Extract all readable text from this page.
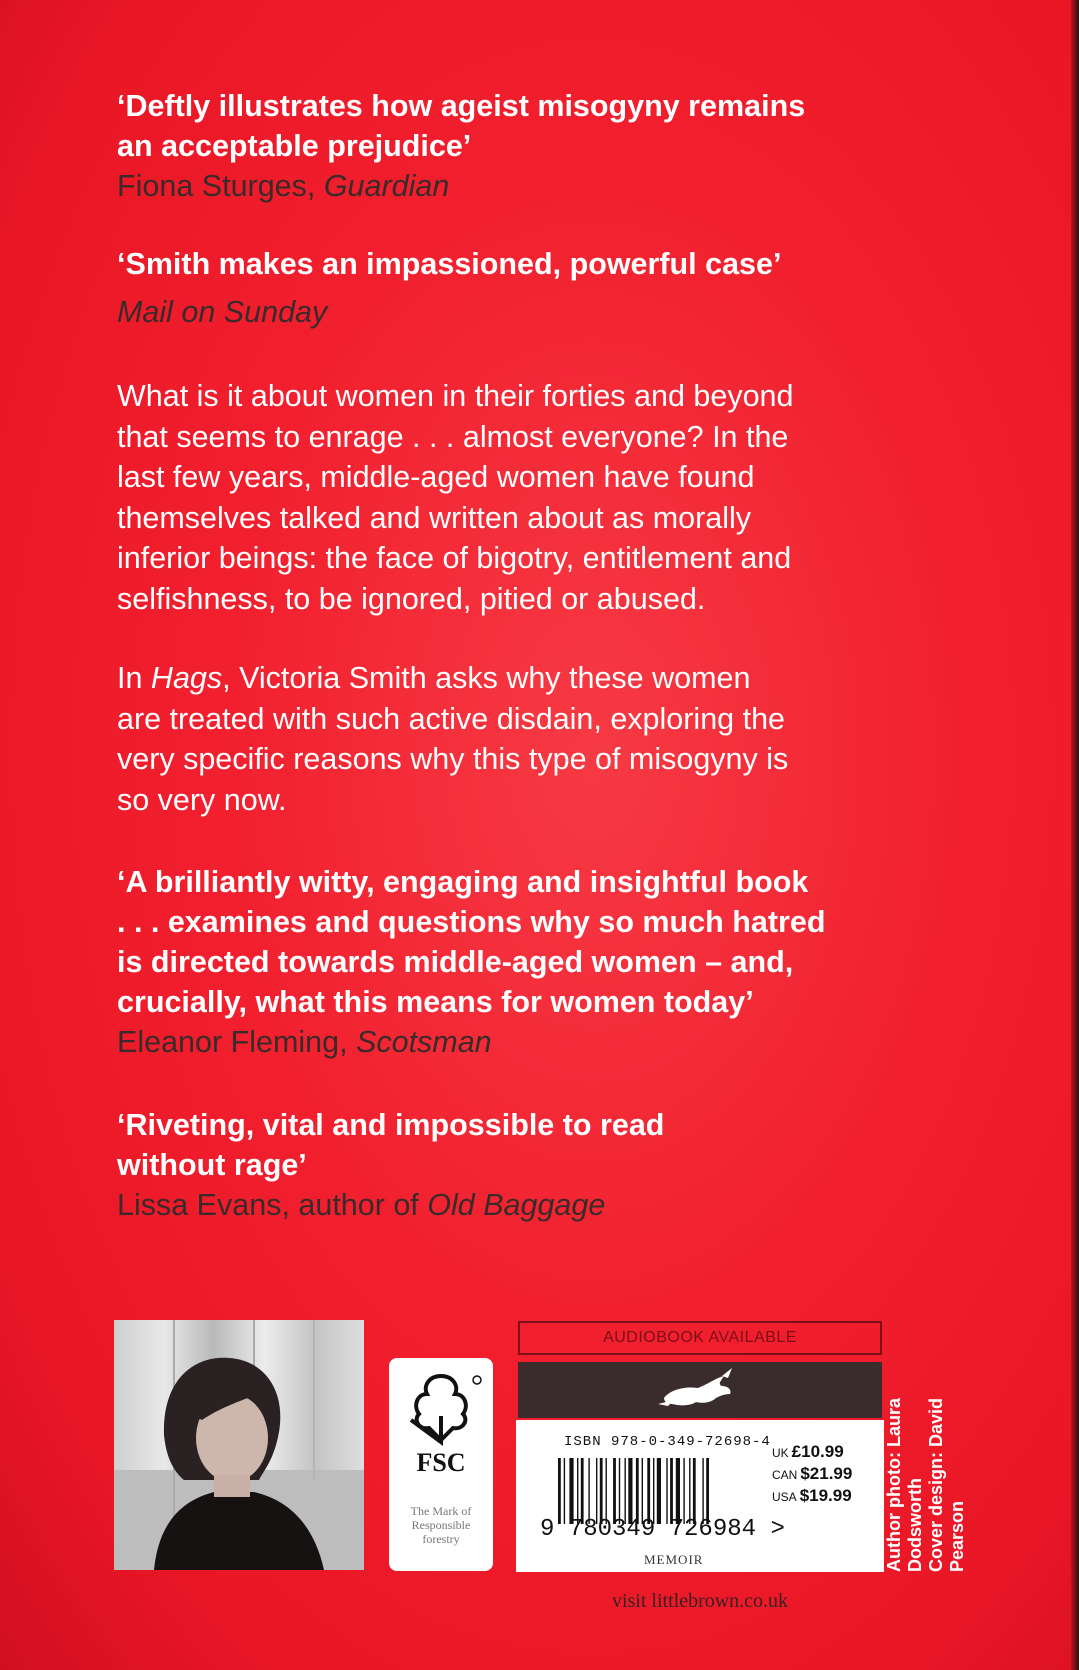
‘Deftly illustrates how ageist misogyny remains
an acceptable prejudice’
Fiona Sturges, Guardian
‘Smith makes an impassioned, powerful case’
Mail on Sunday
What is it about women in their forties and beyond
that seems to enrage . . . almost everyone? In the
last few years, middle-aged women have found
themselves talked and written about as morally
inferior beings: the face of bigotry, entitlement and
selfishness, to be ignored, pitied or abused.
In Hags, Victoria Smith asks why these women
are treated with such active disdain, exploring the
very specific reasons why this type of misogyny is
so very now.
‘A brilliantly witty, engaging and insightful book
. . . examines and questions why so much hatred
is directed towards middle-aged women – and,
crucially, what this means for women today’
Eleanor Fleming, Scotsman
‘Riveting, vital and impossible to read
without rage’
Lissa Evans, author of Old Baggage
FSC
The Mark of
Responsible
forestry
AUDIOBOOK AVAILABLE
ISBN 978-0-349-72698-4
9 780349 726984 >
MEMOIR
UK £10.99
CAN $21.99
USA $19.99
visit littlebrown.co.uk
Author photo: Laura Dodsworth Cover design: David Pearson
